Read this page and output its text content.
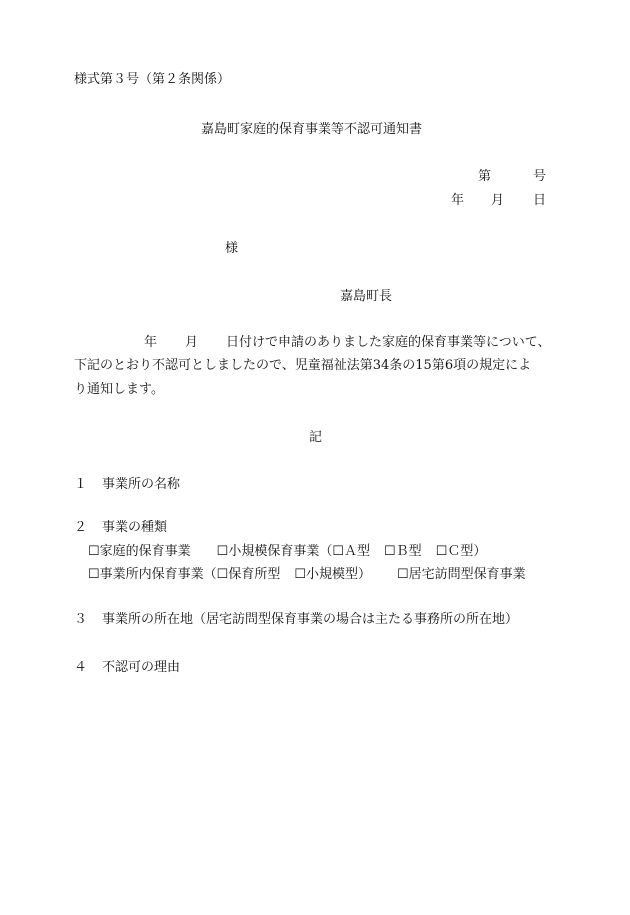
様式第３号（第２条関係）
嘉島町家庭的保育事業等不認可通知書
第	号
年 月 日
様
嘉島町長
年 月 日付けで申請のありました家庭的保育事業等について、
下記のとおり不認可としましたので、児童福祉法第34条の15第6項の規定によ
り通知します。
記
１ 事業所の名称
２ 事業の種類
☐家庭的保育事業 ☐小規模保育事業（☐Ａ型 ☐Ｂ型 ☐Ｃ型）
☐事業所内保育事業（☐保育所型 ☐小規模型） ☐居宅訪問型保育事業
３ 事業所の所在地（居宅訪問型保育事業の場合は主たる事務所の所在地）
４ 不認可の理由
